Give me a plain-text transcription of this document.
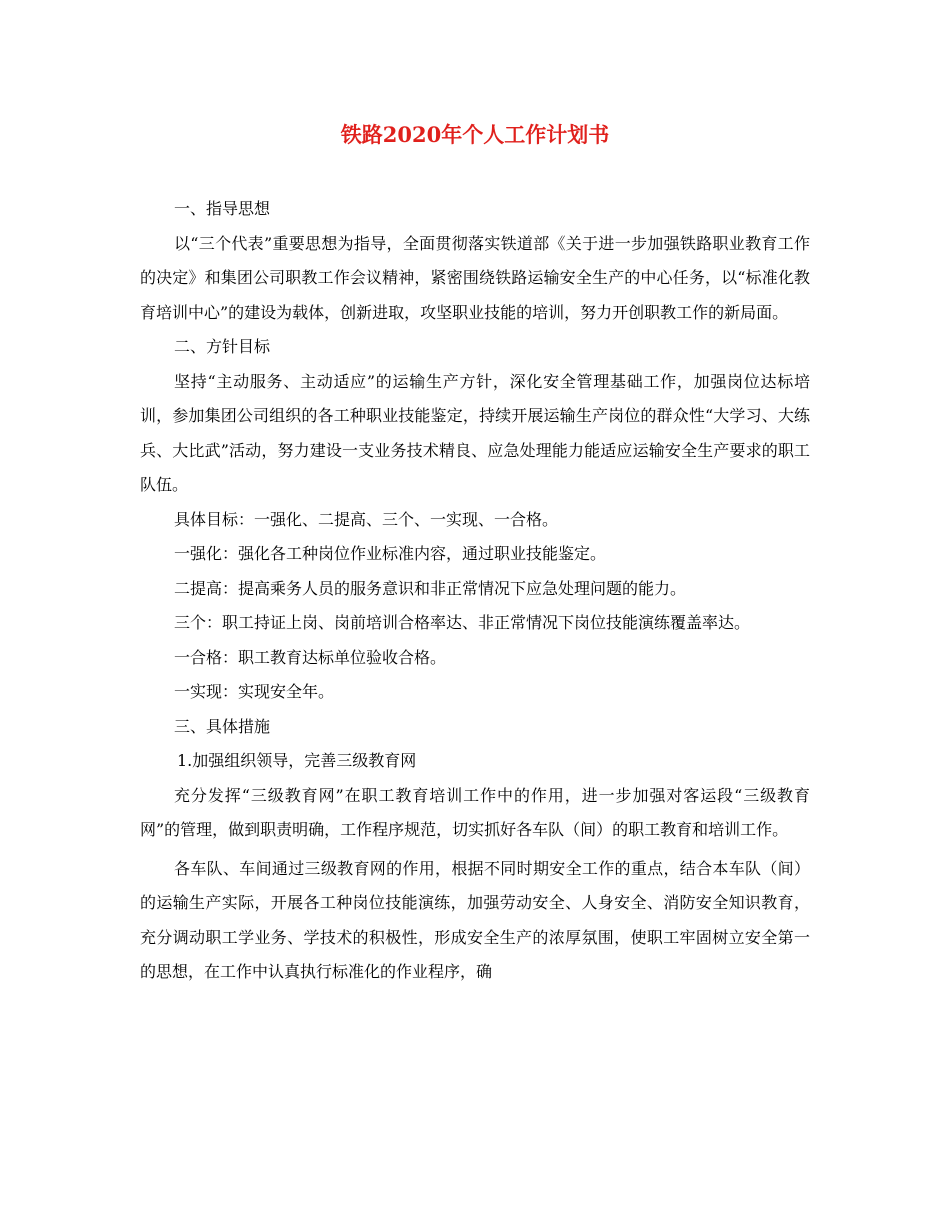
铁路2020年个人工作计划书

一、指导思想

以“三个代表”重要思想为指导，全面贯彻落实铁道部《关于进一步加强铁路职业教育工作的决定》和集团公司职教工作会议精神，紧密围绕铁路运输安全生产的中心任务，以“标准化教育培训中心”的建设为载体，创新进取，攻坚职业技能的培训，努力开创职教工作的新局面。

二、方针目标

坚持“主动服务、主动适应”的运输生产方针，深化安全管理基础工作，加强岗位达标培训，参加集团公司组织的各工种职业技能鉴定，持续开展运输生产岗位的群众性“大学习、大练兵、大比武”活动，努力建设一支业务技术精良、应急处理能力能适应运输安全生产要求的职工队伍。

具体目标：一强化、二提高、三个、一实现、一合格。

一强化：强化各工种岗位作业标准内容，通过职业技能鉴定。

二提高：提高乘务人员的服务意识和非正常情况下应急处理问题的能力。

三个：职工持证上岗、岗前培训合格率达、非正常情况下岗位技能演练覆盖率达。

一合格：职工教育达标单位验收合格。

一实现：实现安全年。

三、具体措施

1.加强组织领导，完善三级教育网

充分发挥“三级教育网”在职工教育培训工作中的作用，进一步加强对客运段“三级教育网”的管理，做到职责明确，工作程序规范，切实抓好各车队（间）的职工教育和培训工作。

各车队、车间通过三级教育网的作用，根据不同时期安全工作的重点，结合本车队（间）的运输生产实际，开展各工种岗位技能演练，加强劳动安全、人身安全、消防安全知识教育，充分调动职工学业务、学技术的积极性，形成安全生产的浓厚氛围，使职工牢固树立安全第一的思想，在工作中认真执行标准化的作业程序，确
